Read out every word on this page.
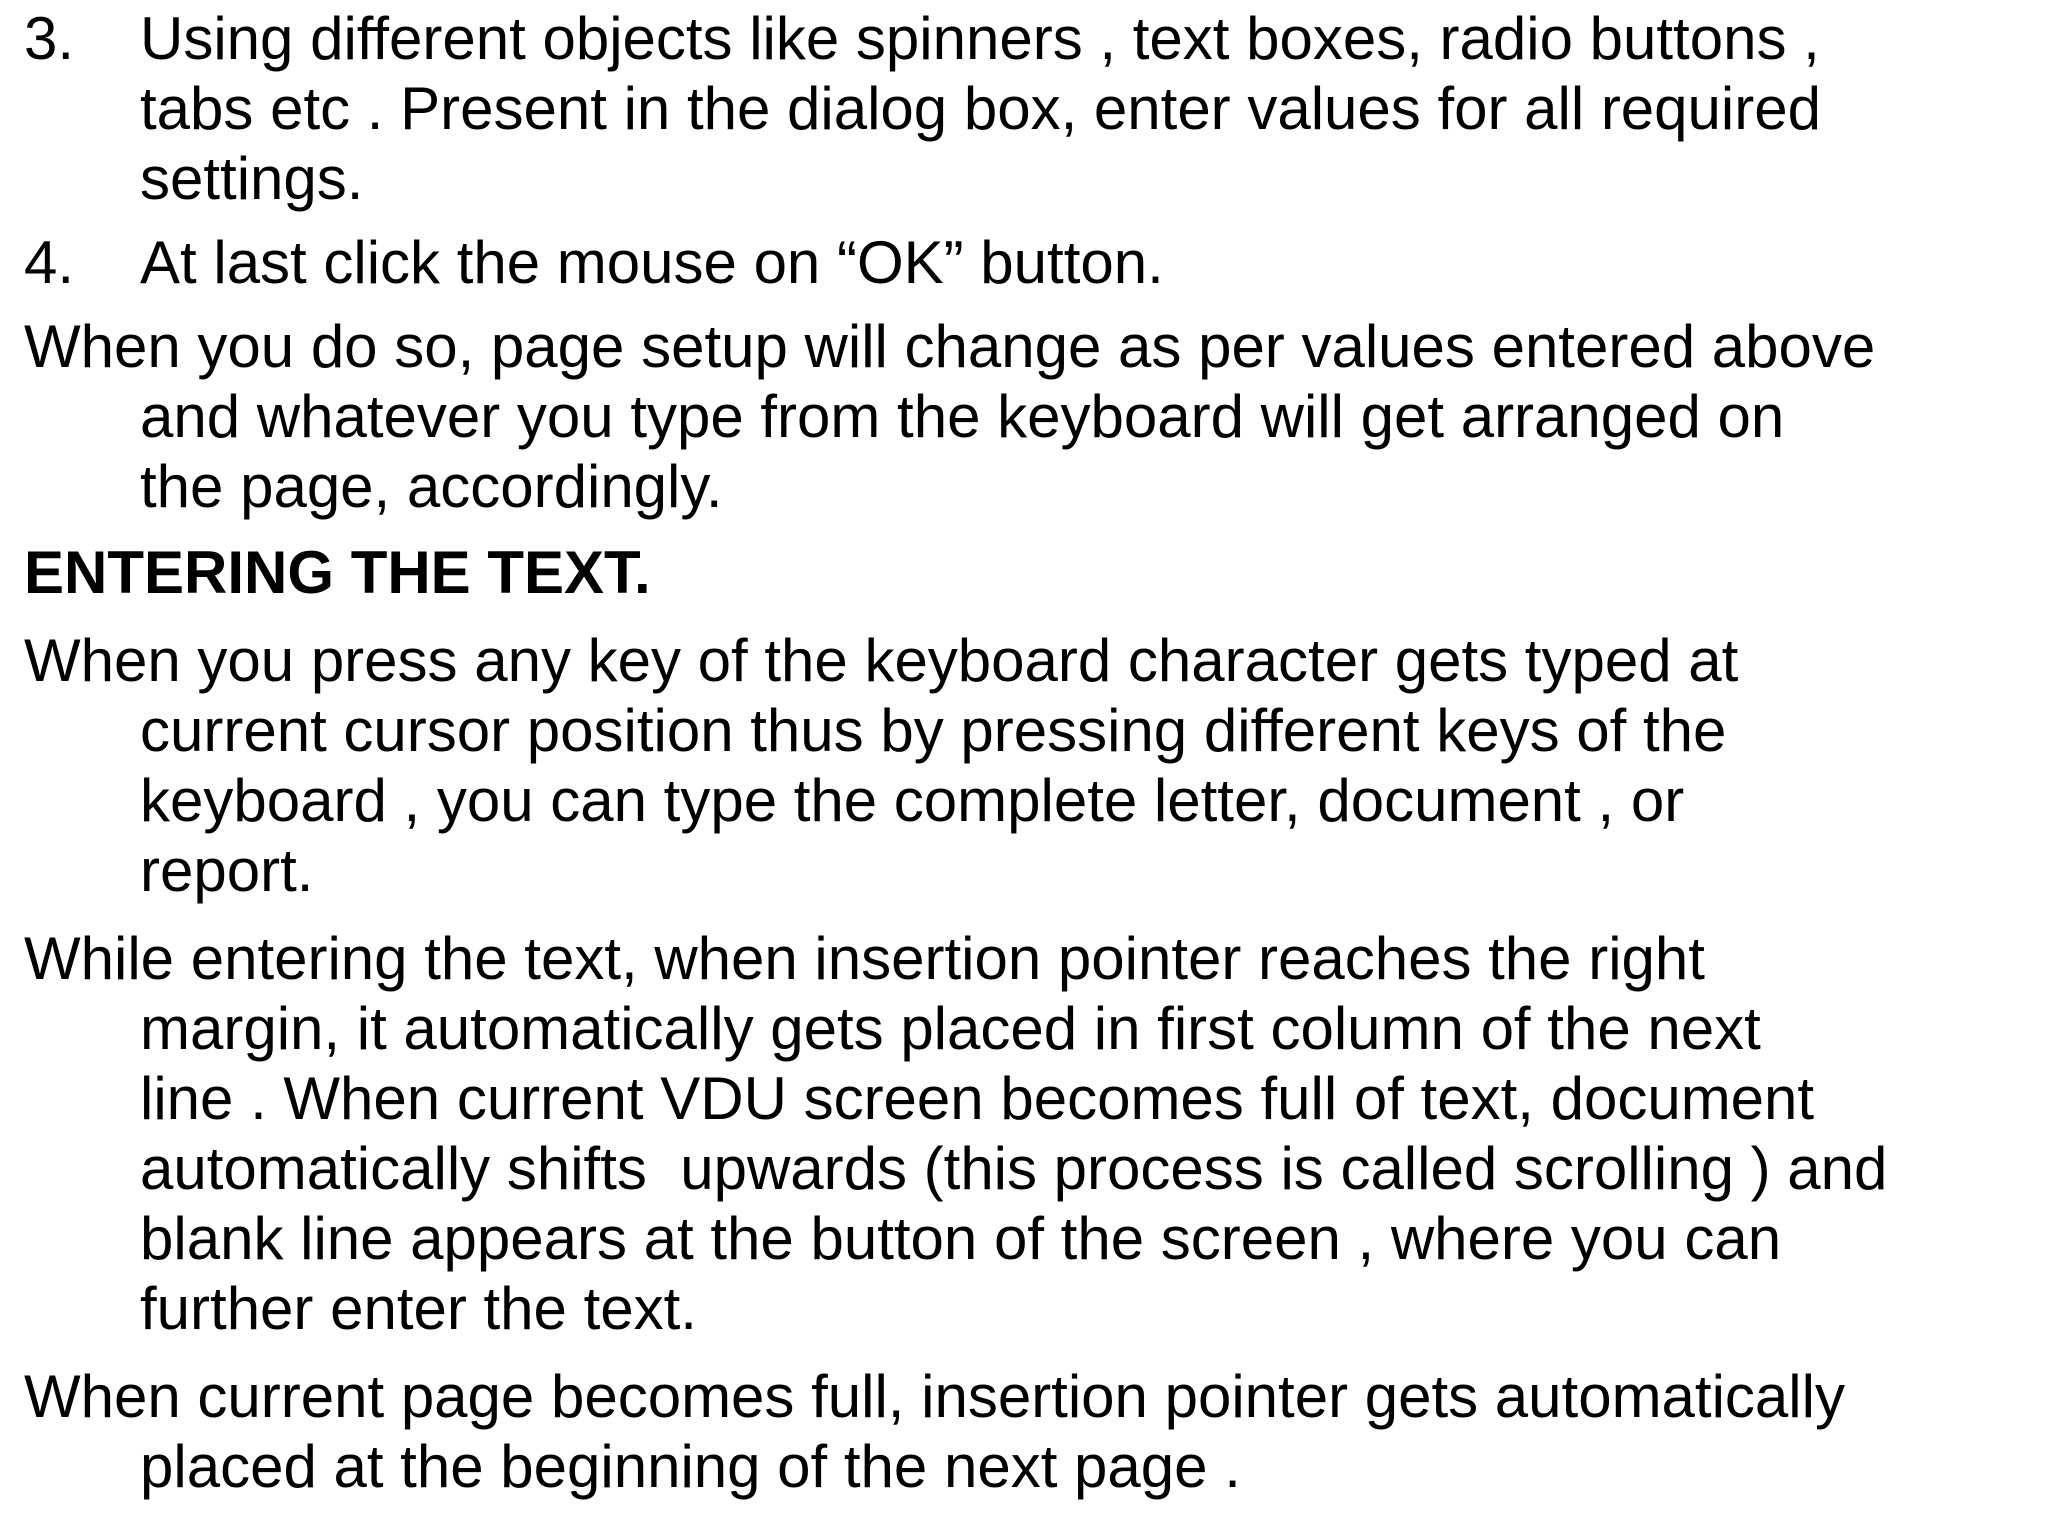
3.	Using different objects like spinners , text boxes, radio buttons ,
tabs etc . Present in the dialog box, enter values for all required
settings.
4.	At last click the mouse on “OK” button.
When you do so, page setup will change as per values entered above
and whatever you type from the keyboard will get arranged on
the page, accordingly.
ENTERING THE TEXT.
When you press any key of the keyboard character gets typed at
current cursor position thus by pressing different keys of the
keyboard , you can type the complete letter, document , or
report.
While entering the text, when insertion pointer reaches the right
margin, it automatically gets placed in first column of the next
line . When current VDU screen becomes full of text, document
automatically shifts  upwards (this process is called scrolling ) and
blank line appears at the button of the screen , where you can
further enter the text.
When current page becomes full, insertion pointer gets automatically
placed at the beginning of the next page .
